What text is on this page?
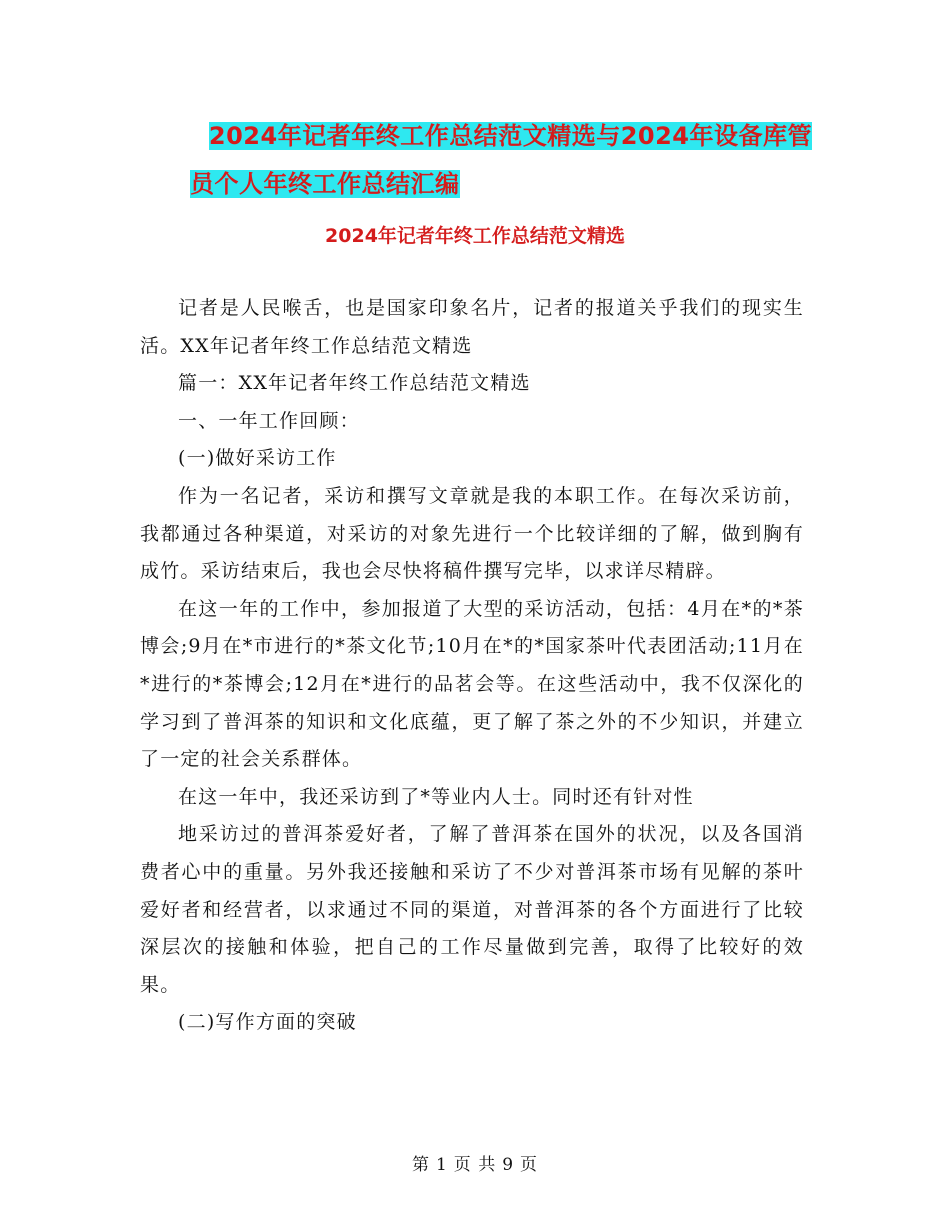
2024年记者年终工作总结范文精选与2024年设备库管
员个人年终工作总结汇编
2024年记者年终工作总结范文精选

记者是人民喉舌，也是国家印象名片，记者的报道关乎我们的现实生活。XX年记者年终工作总结范文精选

篇一：XX年记者年终工作总结范文精选

一、一年工作回顾：

(一)做好采访工作

作为一名记者，采访和撰写文章就是我的本职工作。在每次采访前，我都通过各种渠道，对采访的对象先进行一个比较详细的了解，做到胸有成竹。采访结束后，我也会尽快将稿件撰写完毕，以求详尽精辟。

在这一年的工作中，参加报道了大型的采访活动，包括：4月在*的*茶博会;9月在*市进行的*茶文化节;10月在*的*国家茶叶代表团活动;11月在*进行的*茶博会;12月在*进行的品茗会等。在这些活动中，我不仅深化的学习到了普洱茶的知识和文化底蕴，更了解了茶之外的不少知识，并建立了一定的社会关系群体。

在这一年中，我还采访到了*等业内人士。同时还有针对性

地采访过的普洱茶爱好者，了解了普洱茶在国外的状况，以及各国消费者心中的重量。另外我还接触和采访了不少对普洱茶市场有见解的茶叶爱好者和经营者，以求通过不同的渠道，对普洱茶的各个方面进行了比较深层次的接触和体验，把自己的工作尽量做到完善，取得了比较好的效果。

(二)写作方面的突破

第 1 页 共 9 页
